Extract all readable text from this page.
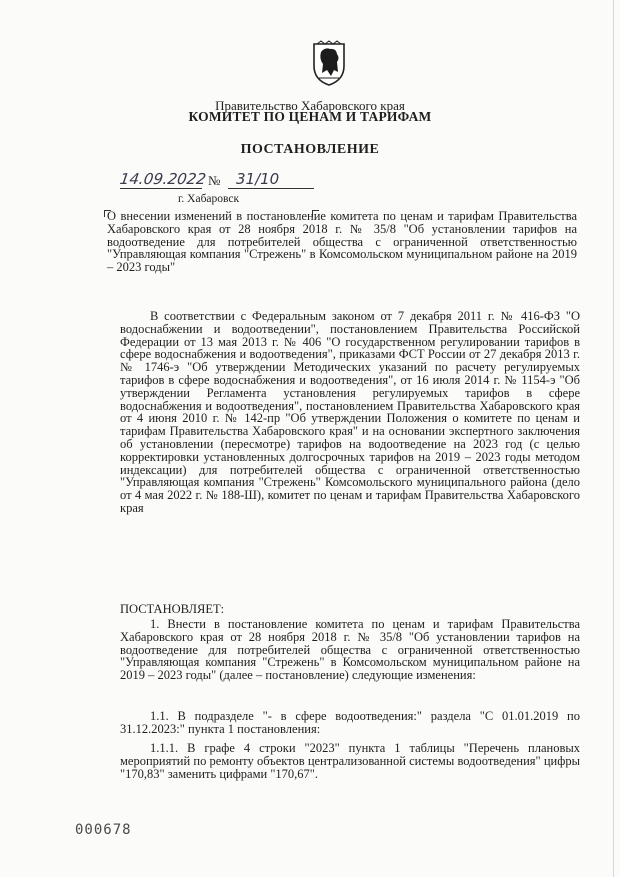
Правительство Хабаровского края
КОМИТЕТ ПО ЦЕНАМ И ТАРИФАМ
ПОСТАНОВЛЕНИЕ
14.09.2022 № 31/10
г. Хабаровск
О внесении изменений в постановление комитета по ценам и тарифам Правительства Хабаровского края от 28 ноября 2018 г. № 35/8 "Об установлении тарифов на водоотведение для потребителей общества с ограниченной ответственностью "Управляющая компания "Стрежень" в Комсомольском муниципальном районе на 2019 – 2023 годы"
В соответствии с Федеральным законом от 7 декабря 2011 г. № 416-ФЗ "О водоснабжении и водоотведении", постановлением Правительства Российской Федерации от 13 мая 2013 г. № 406 "О государственном регулировании тарифов в сфере водоснабжения и водоотведения", приказами ФСТ России от 27 декабря 2013 г. № 1746-э "Об утверждении Методических указаний по расчету регулируемых тарифов в сфере водоснабжения и водоотведения", от 16 июля 2014 г. № 1154-э "Об утверждении Регламента установления регулируемых тарифов в сфере водоснабжения и водоотведения", постановлением Правительства Хабаровского края от 4 июня 2010 г. № 142-пр "Об утверждении Положения о комитете по ценам и тарифам Правительства Хабаровского края" и на основании экспертного заключения об установлении (пересмотре) тарифов на водоотведение на 2023 год (с целью корректировки установленных долгосрочных тарифов на 2019 – 2023 годы методом индексации) для потребителей общества с ограниченной ответственностью "Управляющая компания "Стрежень" Комсомольского муниципального района (дело от 4 мая 2022 г. № 188-Ш), комитет по ценам и тарифам Правительства Хабаровского края
ПОСТАНОВЛЯЕТ:
1. Внести в постановление комитета по ценам и тарифам Правительства Хабаровского края от 28 ноября 2018 г. № 35/8 "Об установлении тарифов на водоотведение для потребителей общества с ограниченной ответственностью "Управляющая компания "Стрежень" в Комсомольском муниципальном районе на 2019 – 2023 годы" (далее – постановление) следующие изменения:
1.1. В подразделе "- в сфере водоотведения:" раздела "С 01.01.2019 по 31.12.2023:" пункта 1 постановления:
1.1.1. В графе 4 строки "2023" пункта 1 таблицы "Перечень плановых мероприятий по ремонту объектов централизованной системы водоотведения" цифры "170,83" заменить цифрами "170,67".
000678
